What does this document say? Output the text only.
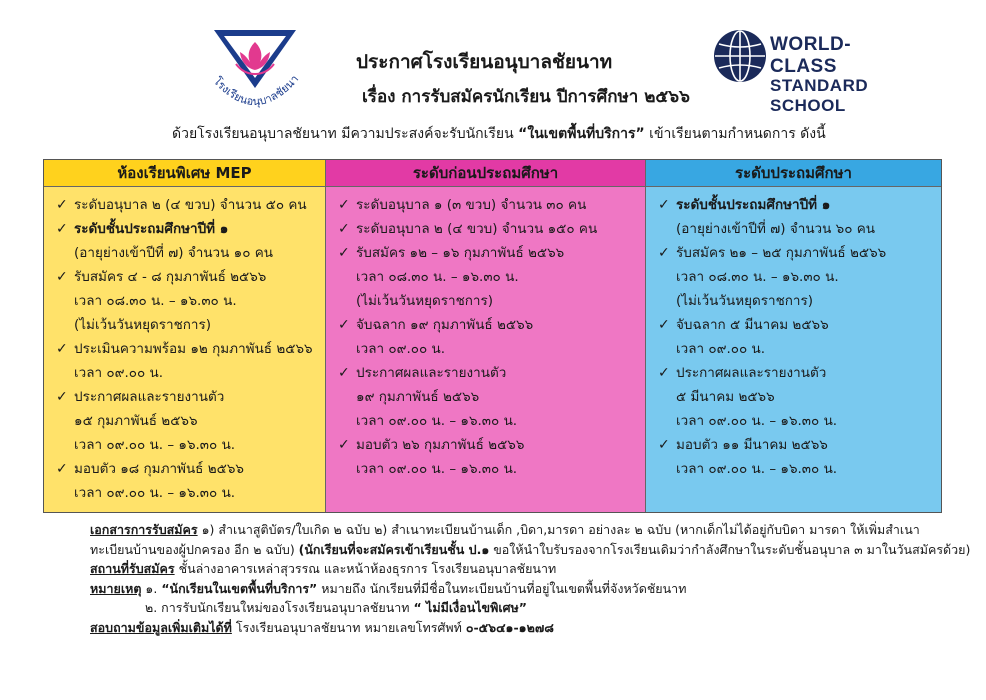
โรงเรียนอนุบาลชัยนา
ประกาศโรงเรียนอนุบาลชัยนาท
เรื่อง การรับสมัครนักเรียน ปีการศึกษา ๒๕๖๖
WORLD-CLASS
STANDARD SCHOOL
ด้วยโรงเรียนอนุบาลชัยนาท มีความประสงค์จะรับนักเรียน “ในเขตพื้นที่บริการ” เข้าเรียนตามกำหนดการ ดังนี้
ห้องเรียนพิเศษ MEP
✓ ระดับอนุบาล ๒ (๔ ขวบ) จำนวน ๕๐ คน
✓ ระดับชั้นประถมศึกษาปีที่ ๑
(อายุย่างเข้าปีที่ ๗) จำนวน ๑๐ คน
✓ รับสมัคร ๔ - ๘ กุมภาพันธ์ ๒๕๖๖
เวลา ๐๘.๓๐ น. – ๑๖.๓๐ น.
(ไม่เว้นวันหยุดราชการ)
✓ ประเมินความพร้อม ๑๒ กุมภาพันธ์ ๒๕๖๖
เวลา ๐๙.๐๐ น.
✓ ประกาศผลและรายงานตัว
๑๕ กุมภาพันธ์ ๒๕๖๖
เวลา ๐๙.๐๐ น. – ๑๖.๓๐ น.
✓ มอบตัว ๑๘ กุมภาพันธ์ ๒๕๖๖
เวลา ๐๙.๐๐ น. – ๑๖.๓๐ น.
ระดับก่อนประถมศึกษา
✓ ระดับอนุบาล ๑ (๓ ขวบ) จำนวน ๓๐ คน
✓ ระดับอนุบาล ๒ (๔ ขวบ) จำนวน ๑๕๐ คน
✓ รับสมัคร ๑๒ – ๑๖ กุมภาพันธ์ ๒๕๖๖
เวลา ๐๘.๓๐ น. – ๑๖.๓๐ น.
(ไม่เว้นวันหยุดราชการ)
✓ จับฉลาก ๑๙ กุมภาพันธ์ ๒๕๖๖
เวลา ๐๙.๐๐ น.
✓ ประกาศผลและรายงานตัว
๑๙ กุมภาพันธ์ ๒๕๖๖
เวลา ๐๙.๐๐ น. – ๑๖.๓๐ น.
✓ มอบตัว ๒๖ กุมภาพันธ์ ๒๕๖๖
เวลา ๐๙.๐๐ น. – ๑๖.๓๐ น.
ระดับประถมศึกษา
✓ ระดับชั้นประถมศึกษาปีที่ ๑
(อายุย่างเข้าปีที่ ๗) จำนวน ๖๐ คน
✓ รับสมัคร ๒๑ – ๒๕ กุมภาพันธ์ ๒๕๖๖
เวลา ๐๘.๓๐ น. – ๑๖.๓๐ น.
(ไม่เว้นวันหยุดราชการ)
✓ จับฉลาก ๕ มีนาคม ๒๕๖๖
เวลา ๐๙.๐๐ น.
✓ ประกาศผลและรายงานตัว
๕ มีนาคม ๒๕๖๖
เวลา ๐๙.๐๐ น. – ๑๖.๓๐ น.
✓ มอบตัว ๑๑ มีนาคม ๒๕๖๖
เวลา ๐๙.๐๐ น. – ๑๖.๓๐ น.
เอกสารการรับสมัคร ๑) สำเนาสูติบัตร/ใบเกิด ๒ ฉบับ ๒) สำเนาทะเบียนบ้านเด็ก ,บิดา,มารดา อย่างละ ๒ ฉบับ (หากเด็กไม่ได้อยู่กับบิดา มารดา ให้เพิ่มสำเนา
ทะเบียนบ้านของผู้ปกครอง อีก ๒ ฉบับ) (นักเรียนที่จะสมัครเข้าเรียนชั้น ป.๑ ขอให้นำใบรับรองจากโรงเรียนเดิมว่ากำลังศึกษาในระดับชั้นอนุบาล ๓ มาในวันสมัครด้วย)
สถานที่รับสมัคร ชั้นล่างอาคารเหล่าสุวรรณ และหน้าห้องธุรการ โรงเรียนอนุบาลชัยนาท
หมายเหตุ ๑. “นักเรียนในเขตพื้นที่บริการ” หมายถึง นักเรียนที่มีชื่อในทะเบียนบ้านที่อยู่ในเขตพื้นที่จังหวัดชัยนาท
๒. การรับนักเรียนใหม่ของโรงเรียนอนุบาลชัยนาท “ ไม่มีเงื่อนไขพิเศษ”
สอบถามข้อมูลเพิ่มเติมได้ที่ โรงเรียนอนุบาลชัยนาท หมายเลขโทรศัพท์ ๐-๕๖๔๑-๑๒๗๘
